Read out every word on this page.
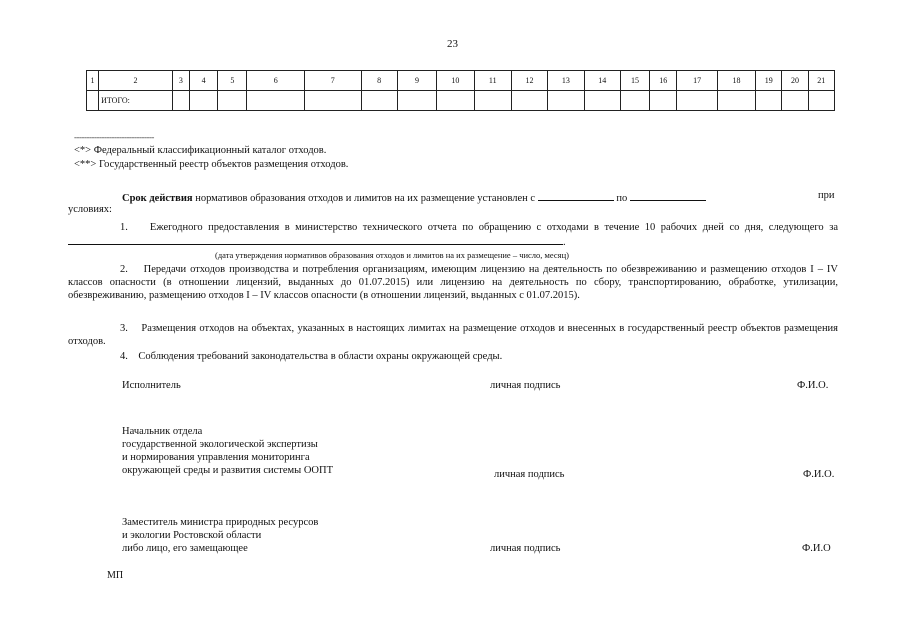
23
1	2	3	4	5	6	7	8	9	10	11	12	13	14	15	16	17	18	19	20	21
	ИТОГО:																			
--------------------------------
<*> Федеральный классификационный каталог отходов.
<**> Государственный реестр объектов размещения отходов.
Срок действия нормативов образования отходов и лимитов на их размещение установлен с	по	при
условиях:
1. Ежегодного предоставления в министерство технического отчета по обращению с отходами в течение 10 рабочих дней со дня, следующего за .
(дата утверждения нормативов образования отходов и лимитов на их размещение – число, месяц)
2. Передачи отходов производства и потребления организациям, имеющим лицензию на деятельность по обезвреживанию и размещению отходов I – IV классов опасности (в отношении лицензий, выданных до 01.07.2015) или лицензию на деятельность по сбору, транспортированию, обработке, утилизации, обезвреживанию, размещению отходов I – IV классов опасности (в отношении лицензий, выданных с 01.07.2015).
3. Размещения отходов на объектах, указанных в настоящих лимитах на размещение отходов и внесенных в государственный реестр объектов размещения отходов.
4. Соблюдения требований законодательства в области охраны окружающей среды.
Исполнитель	личная подпись	Ф.И.О.
Начальник отдела
государственной экологической экспертизы
и нормирования управления мониторинга
окружающей среды и развития системы ООПТ	личная подпись	Ф.И.О.
Заместитель министра природных ресурсов
и экологии Ростовской области
либо лицо, его замещающее	личная подпись	Ф.И.О
МП
